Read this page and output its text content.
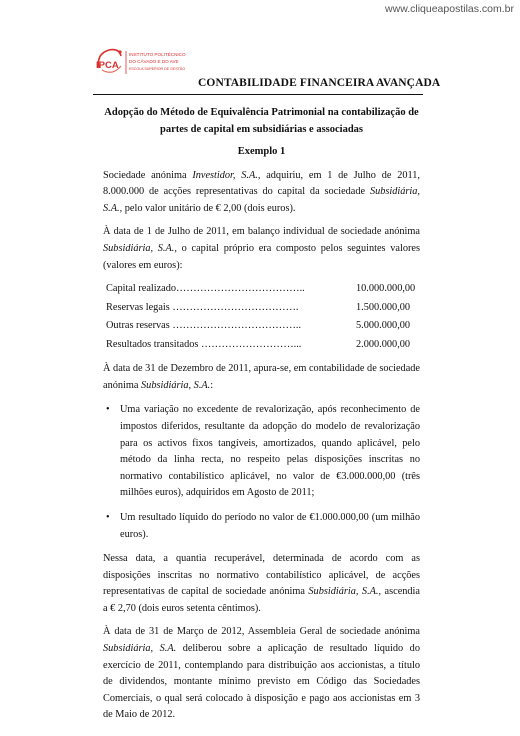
www.cliqueapostilas.com.br
IPCA
INSTITUTO POLITÉCNICO
DO CÁVADO E DO AVE
ESCOLA SUPERIOR DE GESTÃO
CONTABILIDADE FINANCEIRA AVANÇADA
Adopção do Método de Equivalência Patrimonial na contabilização de partes de capital em subsidiárias e associadas
Exemplo 1

Sociedade anónima Investidor, S.A., adquiriu, em 1 de Julho de 2011, 8.000.000 de acções representativas do capital da sociedade Subsidiária, S.A., pelo valor unitário de € 2,00 (dois euros).

À data de 1 de Julho de 2011, em balanço individual de sociedade anónima Subsidiária, S.A., o capital próprio era composto pelos seguintes valores (valores em euros):

Capital realizado………………………………..	10.000.000,00
Reservas legais ……………………………….	1.500.000,00
Outras reservas ………………………………..	5.000.000,00
Resultados transitados ………………………...	2.000.000,00

À data de 31 de Dezembro de 2011, apura-se, em contabilidade de sociedade anónima Subsidiária, S.A.:

• Uma variação no excedente de revalorização, após reconhecimento de impostos diferidos, resultante da adopção do modelo de revalorização para os activos fixos tangíveis, amortizados, quando aplicável, pelo método da linha recta, no respeito pelas disposições inscritas no normativo contabilístico aplicável, no valor de €3.000.000,00 (três milhões euros), adquiridos em Agosto de 2011;
• Um resultado líquido do período no valor de €1.000.000,00 (um milhão euros).

Nessa data, a quantia recuperável, determinada de acordo com as disposições inscritas no normativo contabilístico aplicável, de acções representativas de capital de sociedade anónima Subsidiária, S.A., ascendia a € 2,70 (dois euros setenta cêntimos).

À data de 31 de Março de 2012, Assembleia Geral de sociedade anónima Subsidiária, S.A. deliberou sobre a aplicação de resultado líquido do exercício de 2011, contemplando para distribuição aos accionistas, a título de dividendos, montante mínimo previsto em Código das Sociedades Comerciais, o qual será colocado à disposição e pago aos accionistas em 3 de Maio de 2012.
